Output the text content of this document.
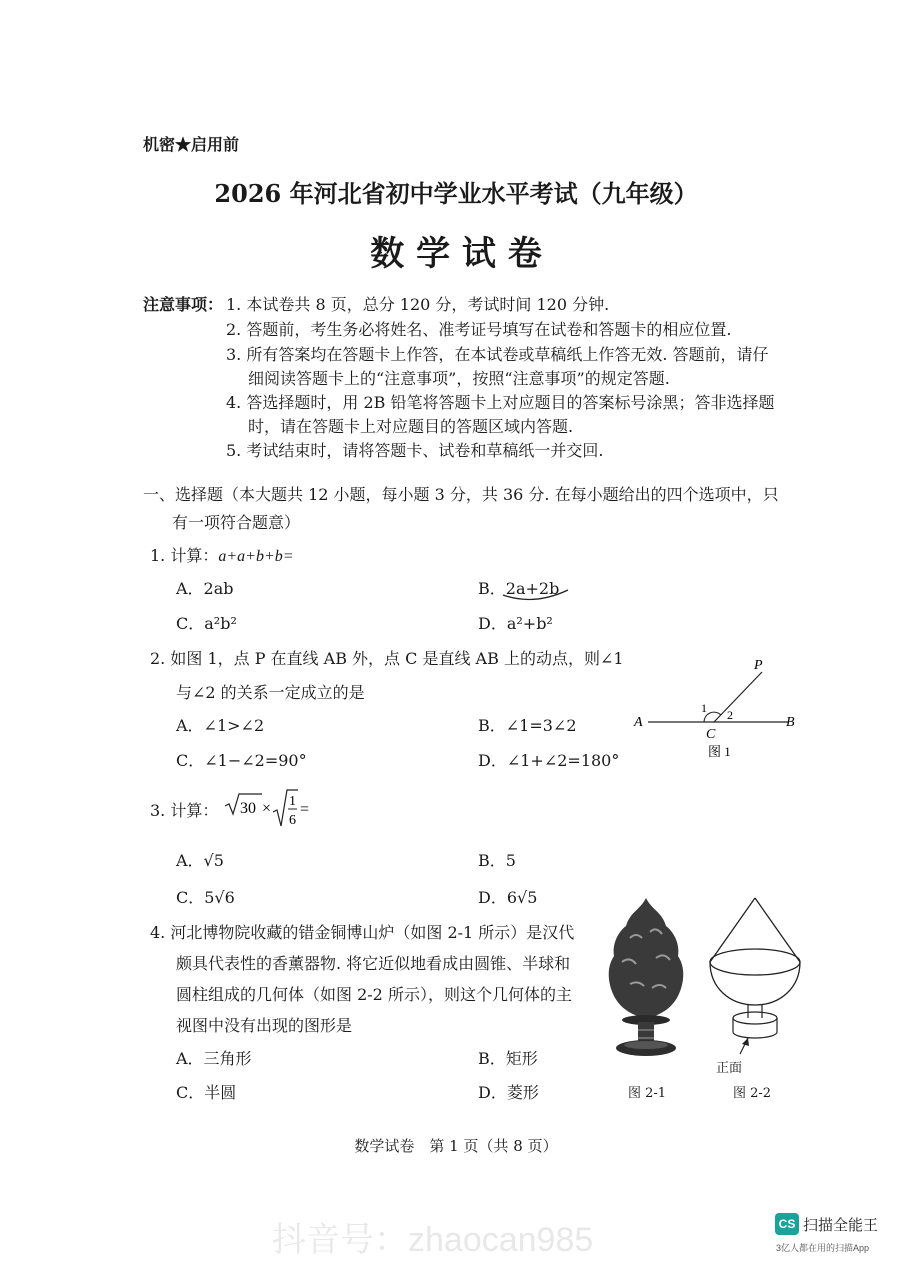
机密★启用前
2026 年河北省初中学业水平考试（九年级）
数 学 试 卷
注意事项： 1. 本试卷共 8 页，总分 120 分，考试时间 120 分钟.
2. 答题前，考生务必将姓名、准考证号填写在试卷和答题卡的相应位置.
3. 所有答案均在答题卡上作答，在本试卷或草稿纸上作答无效. 答题前，请仔
细阅读答题卡上的“注意事项”，按照“注意事项”的规定答题.
4. 答选择题时，用 2B 铅笔将答题卡上对应题目的答案标号涂黑；答非选择题
时，请在答题卡上对应题目的答题区域内答题.
5. 考试结束时，请将答题卡、试卷和草稿纸一并交回.
一、选择题（本大题共 12 小题，每小题 3 分，共 36 分. 在每小题给出的四个选项中，只
有一项符合题意）
1. 计算：a+a+b+b=
A．2ab	B．2a+2b
C．a²b²	D．a²+b²
2. 如图 1，点 P 在直线 AB 外，点 C 是直线 AB 上的动点，则∠1
与∠2 的关系一定成立的是
A．∠1>∠2	B．∠1=3∠2
C．∠1−∠2=90°	D．∠1+∠2=180°
P
A	B
C
1 2
图 1
3. 计算： 30 × 1
6
=
A．√5	B．5
C．5√6	D．6√5
4. 河北博物院收藏的错金铜博山炉（如图 2-1 所示）是汉代
颇具代表性的香薰器物. 将它近似地看成由圆锥、半球和
圆柱组成的几何体（如图 2-2 所示），则这个几何体的主
视图中没有出现的图形是
A．三角形	B．矩形
C．半圆	D．菱形
正面
图 2-1	图 2-2
数学试卷　第 1 页（共 8 页）
抖音号：zhaocan985	CS 扫描全能王
3亿人都在用的扫描App
